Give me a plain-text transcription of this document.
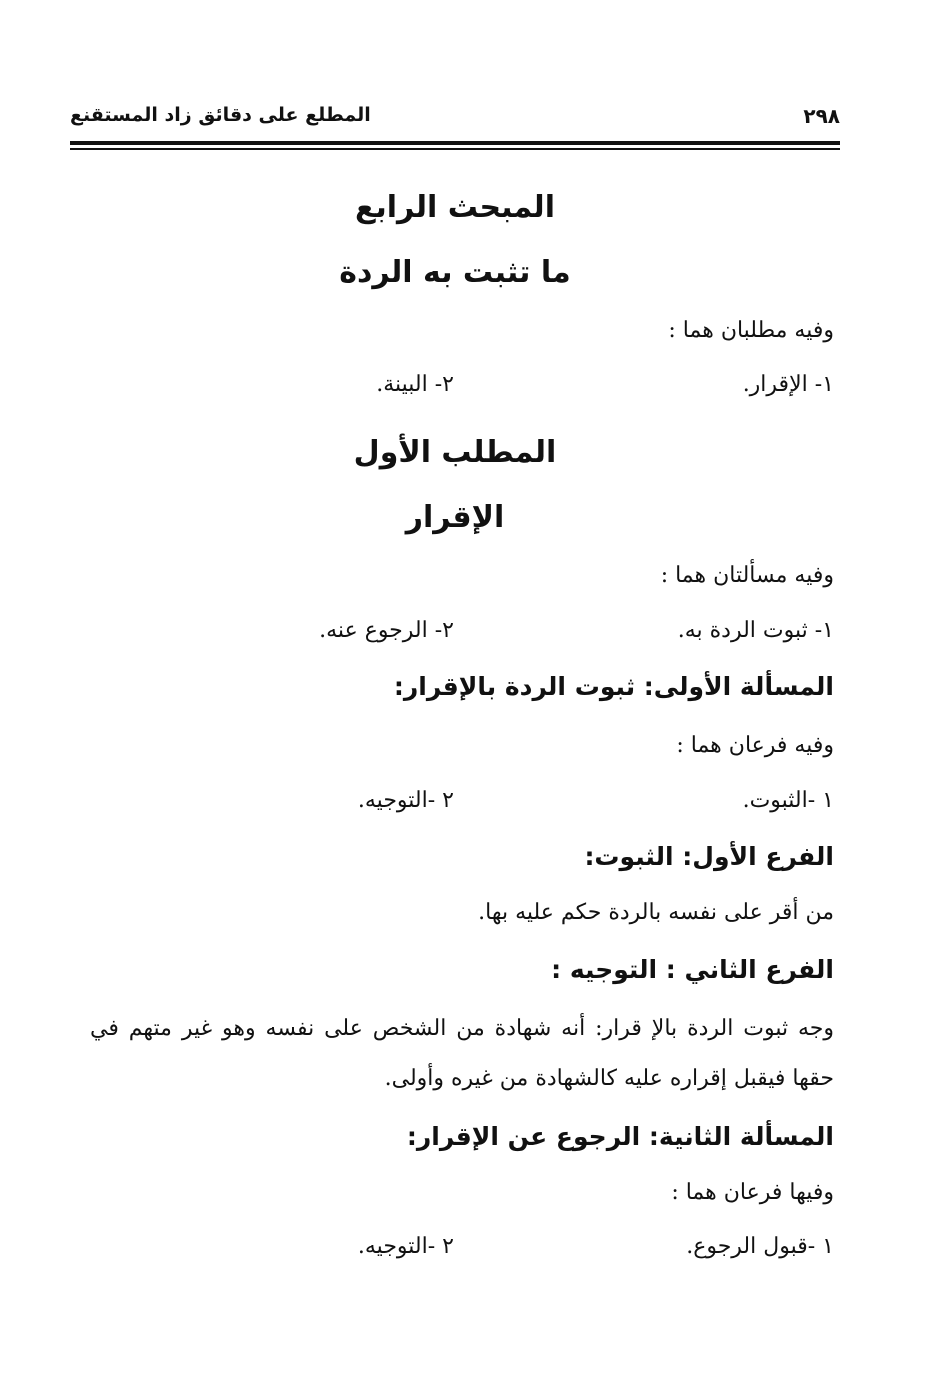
٢٩٨
المطلع على دقائق زاد المستقنع
المبحث الرابع
ما تثبت به الردة
وفيه مطلبان هما :
١- الإقرار.
٢- البينة.
المطلب الأول
الإقرار
وفيه مسألتان هما :
١- ثبوت الردة به.
٢- الرجوع عنه.
المسألة الأولى: ثبوت الردة بالإقرار:
وفيه فرعان هما :
١ -الثبوت.
٢ -التوجيه.
الفرع الأول: الثبوت:
من أقر على نفسه بالردة حكم عليه بها.
الفرع الثاني : التوجيه :
وجه ثبوت الردة بالإ قرار: أنه شهادة من الشخص على نفسه وهو غير متهم في حقها فيقبل إقراره عليه كالشهادة من غيره وأولى.
المسألة الثانية: الرجوع عن الإقرار:
وفيها فرعان هما :
١ -قبول الرجوع.
٢ -التوجيه.
